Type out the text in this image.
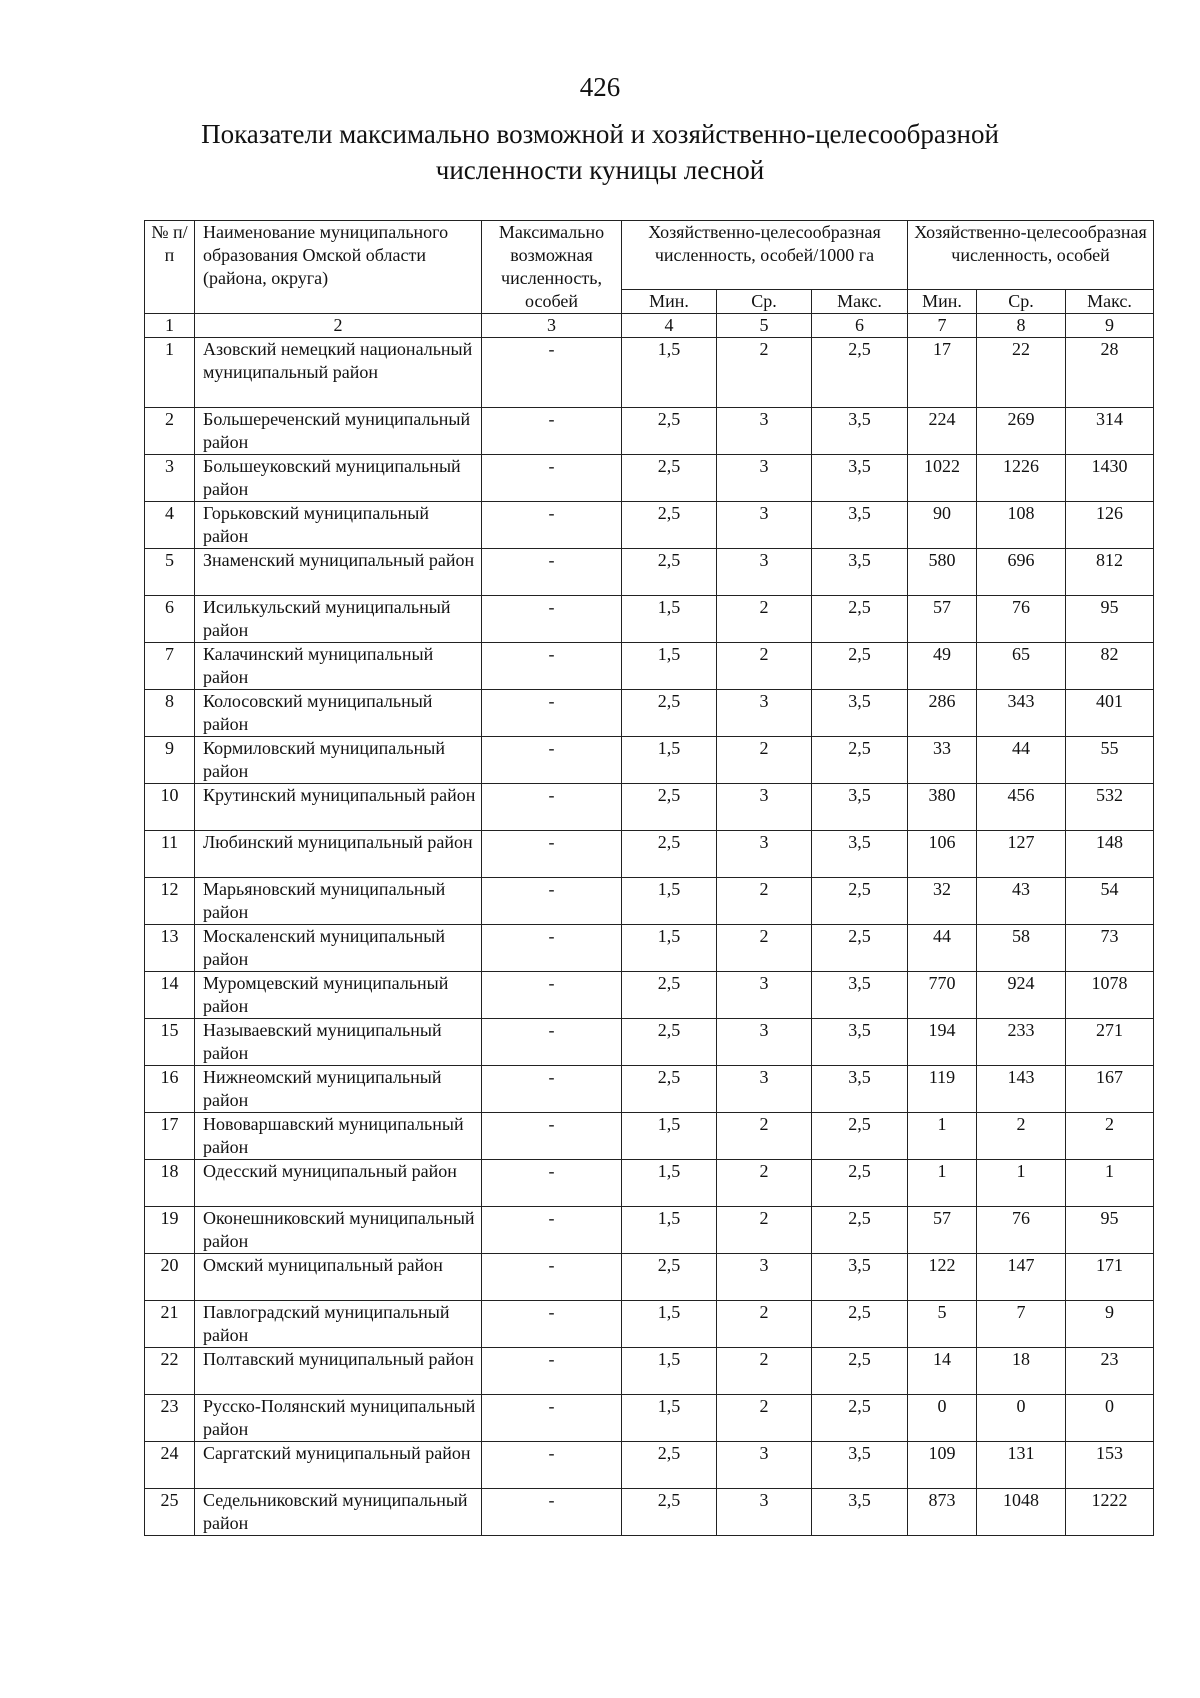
426
Показатели максимально возможной и хозяйственно-целесообразной
численности куницы лесной
№ п/п	Наименование муниципального образования Омской области (района, округа)	Максимально возможная численность, особей	Хозяйственно-целесообразная численность, особей/1000 га			Хозяйственно-целесообразная численность, особей		
			Мин.	Ср.	Макс.	Мин.	Ср.	Макс.
1	2	3	4	5	6	7	8	9
1	Азовский немецкий национальный муниципальный район	-	1,5	2	2,5	17	22	28
2	Большереченский муниципальный район	-	2,5	3	3,5	224	269	314
3	Большеуковский муниципальный район	-	2,5	3	3,5	1022	1226	1430
4	Горьковский муниципальный район	-	2,5	3	3,5	90	108	126
5	Знаменский муниципальный район	-	2,5	3	3,5	580	696	812
6	Исилькульский муниципальный район	-	1,5	2	2,5	57	76	95
7	Калачинский муниципальный район	-	1,5	2	2,5	49	65	82
8	Колосовский муниципальный район	-	2,5	3	3,5	286	343	401
9	Кормиловский муниципальный район	-	1,5	2	2,5	33	44	55
10	Крутинский муниципальный район	-	2,5	3	3,5	380	456	532
11	Любинский муниципальный район	-	2,5	3	3,5	106	127	148
12	Марьяновский муниципальный район	-	1,5	2	2,5	32	43	54
13	Москаленский муниципальный район	-	1,5	2	2,5	44	58	73
14	Муромцевский муниципальный район	-	2,5	3	3,5	770	924	1078
15	Называевский муниципальный район	-	2,5	3	3,5	194	233	271
16	Нижнеомский муниципальный район	-	2,5	3	3,5	119	143	167
17	Нововаршавский муниципальный район	-	1,5	2	2,5	1	2	2
18	Одесский муниципальный район	-	1,5	2	2,5	1	1	1
19	Оконешниковский муниципальный район	-	1,5	2	2,5	57	76	95
20	Омский муниципальный район	-	2,5	3	3,5	122	147	171
21	Павлоградский муниципальный район	-	1,5	2	2,5	5	7	9
22	Полтавский муниципальный район	-	1,5	2	2,5	14	18	23
23	Русско-Полянский муниципальный район	-	1,5	2	2,5	0	0	0
24	Саргатский муниципальный район	-	2,5	3	3,5	109	131	153
25	Седельниковский муниципальный район	-	2,5	3	3,5	873	1048	1222
